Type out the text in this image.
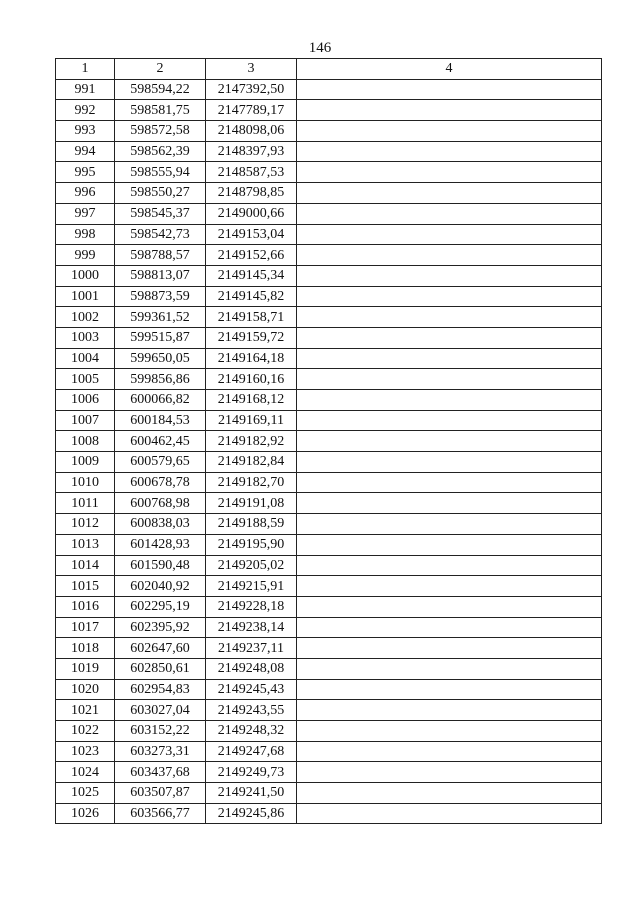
146
1	2	3	4
991	598594,22	2147392,50	
992	598581,75	2147789,17	
993	598572,58	2148098,06	
994	598562,39	2148397,93	
995	598555,94	2148587,53	
996	598550,27	2148798,85	
997	598545,37	2149000,66	
998	598542,73	2149153,04	
999	598788,57	2149152,66	
1000	598813,07	2149145,34	
1001	598873,59	2149145,82	
1002	599361,52	2149158,71	
1003	599515,87	2149159,72	
1004	599650,05	2149164,18	
1005	599856,86	2149160,16	
1006	600066,82	2149168,12	
1007	600184,53	2149169,11	
1008	600462,45	2149182,92	
1009	600579,65	2149182,84	
1010	600678,78	2149182,70	
1011	600768,98	2149191,08	
1012	600838,03	2149188,59	
1013	601428,93	2149195,90	
1014	601590,48	2149205,02	
1015	602040,92	2149215,91	
1016	602295,19	2149228,18	
1017	602395,92	2149238,14	
1018	602647,60	2149237,11	
1019	602850,61	2149248,08	
1020	602954,83	2149245,43	
1021	603027,04	2149243,55	
1022	603152,22	2149248,32	
1023	603273,31	2149247,68	
1024	603437,68	2149249,73	
1025	603507,87	2149241,50	
1026	603566,77	2149245,86	
